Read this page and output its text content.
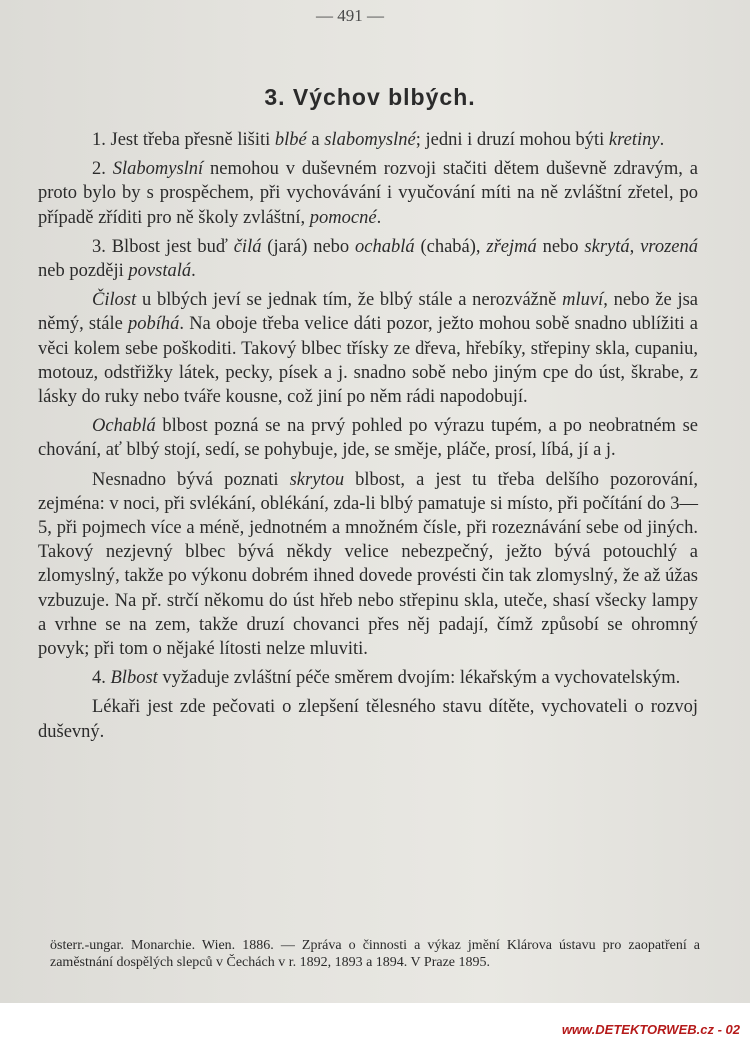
— 491 —
3. Výchov blbých.

1. Jest třeba přesně lišiti blbé a slabomyslné; jedni i druzí mohou býti kretiny.

2. Slabomyslní nemohou v duševném rozvoji stačiti dětem duševně zdravým, a proto bylo by s prospěchem, při vychovávání i vyučování míti na ně zvláštní zřetel, po případě zříditi pro ně školy zvláštní, pomocné.

3. Blbost jest buď čilá (jará) nebo ochablá (chabá), zřejmá nebo skrytá, vrozená neb později povstalá.

Čilost u blbých jeví se jednak tím, že blbý stále a nerozvážně mluví, nebo že jsa němý, stále pobíhá. Na oboje třeba velice dáti pozor, ježto mohou sobě snadno ublížiti a věci kolem sebe poškoditi. Takový blbec třísky ze dřeva, hřebíky, střepiny skla, cupaniu, motouz, odstřižky látek, pecky, písek a j. snadno sobě nebo jiným cpe do úst, škrabe, z lásky do ruky nebo tváře kousne, což jiní po něm rádi napodobují.

Ochablá blbost pozná se na prvý pohled po výrazu tupém, a po neobratném se chování, ať blbý stojí, sedí, se pohybuje, jde, se směje, pláče, prosí, líbá, jí a j.

Nesnadno bývá poznati skrytou blbost, a jest tu třeba delšího pozorování, zejména: v noci, při svlékání, oblékání, zda-li blbý pamatuje si místo, při počítání do 3—5, při pojmech více a méně, jednotném a množném čísle, při rozeznávání sebe od jiných. Takový nezjevný blbec bývá někdy velice nebezpečný, ježto bývá potouchlý a zlomyslný, takže po výkonu dobrém ihned dovede provésti čin tak zlomyslný, že až úžas vzbuzuje. Na př. strčí někomu do úst hřeb nebo střepinu skla, uteče, shasí všecky lampy a vrhne se na zem, takže druzí chovanci přes něj padají, čímž způsobí se ohromný povyk; při tom o nějaké lítosti nelze mluviti.

4. Blbost vyžaduje zvláštní péče směrem dvojím: lékařským a vychovatelským.

Lékaři jest zde pečovati o zlepšení tělesného stavu dítěte, vychovateli o rozvoj duševný.

österr.-ungar. Monarchie. Wien. 1886. — Zpráva o činnosti a výkaz jmění Klárova ústavu pro zaopatření a zaměstnání dospělých slepců v Čechách v r. 1892, 1893 a 1894. V Praze 1895.
www.DETEKTORWEB.cz - 02
